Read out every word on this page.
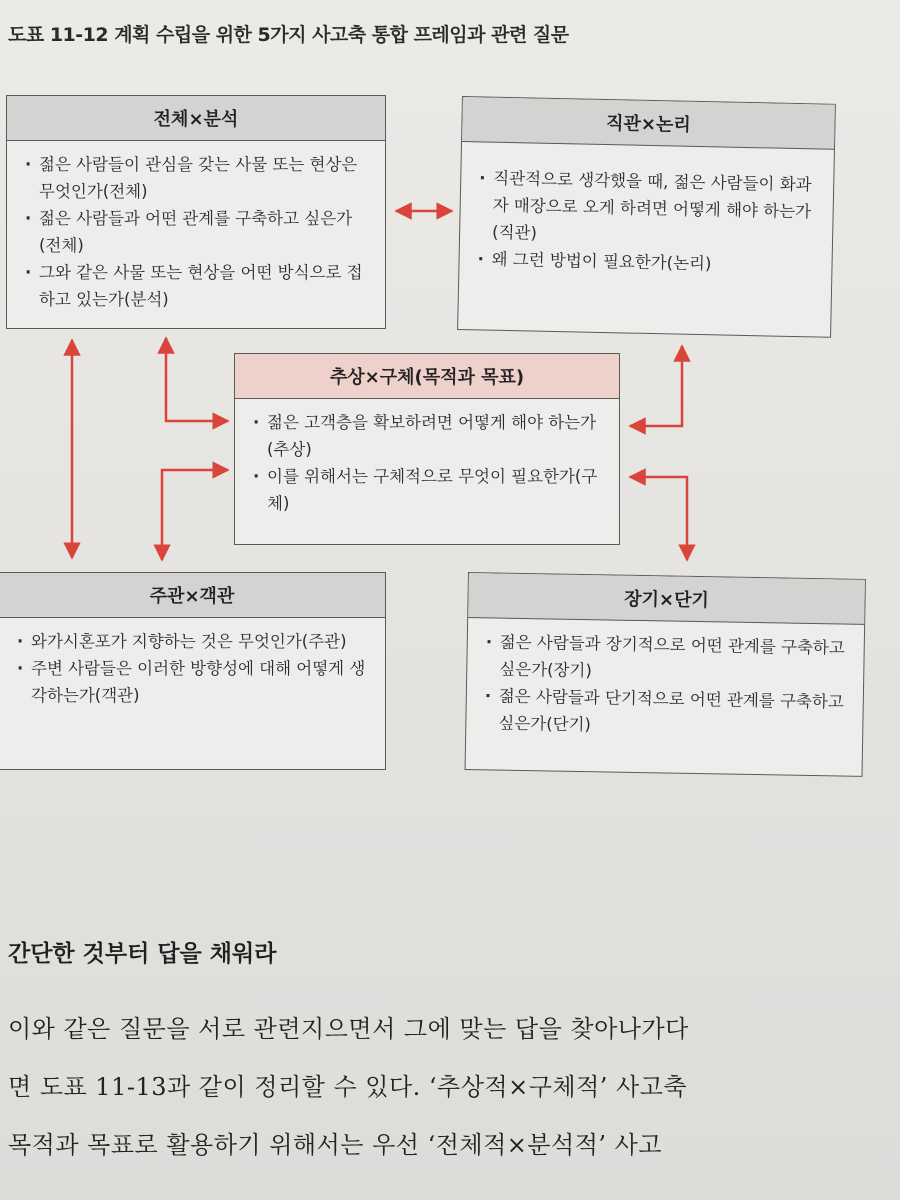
도표 11-12 계획 수립을 위한 5가지 사고축 통합 프레임과 관련 질문
전체×분석
· 젊은 사람들이 관심을 갖는 사물 또는 현상은 무엇인가(전체)
· 젊은 사람들과 어떤 관계를 구축하고 싶은가(전체)
· 그와 같은 사물 또는 현상을 어떤 방식으로 접하고 있는가(분석)
직관×논리
· 직관적으로 생각했을 때, 젊은 사람들이 화과자 매장으로 오게 하려면 어떻게 해야 하는가(직관)
· 왜 그런 방법이 필요한가(논리)
추상×구체(목적과 목표)
· 젊은 고객층을 확보하려면 어떻게 해야 하는가(추상)
· 이를 위해서는 구체적으로 무엇이 필요한가(구체)
주관×객관
· 와가시혼포가 지향하는 것은 무엇인가(주관)
· 주변 사람들은 이러한 방향성에 대해 어떻게 생각하는가(객관)
장기×단기
· 젊은 사람들과 장기적으로 어떤 관계를 구축하고 싶은가(장기)
· 젊은 사람들과 단기적으로 어떤 관계를 구축하고 싶은가(단기)
간단한 것부터 답을 채워라
이와 같은 질문을 서로 관련지으면서 그에 맞는 답을 찾아나가다
면 도표 11-13과 같이 정리할 수 있다. ‘추상적×구체적’ 사고축
목적과 목표로 활용하기 위해서는 우선 ‘전체적×분석적’ 사고
